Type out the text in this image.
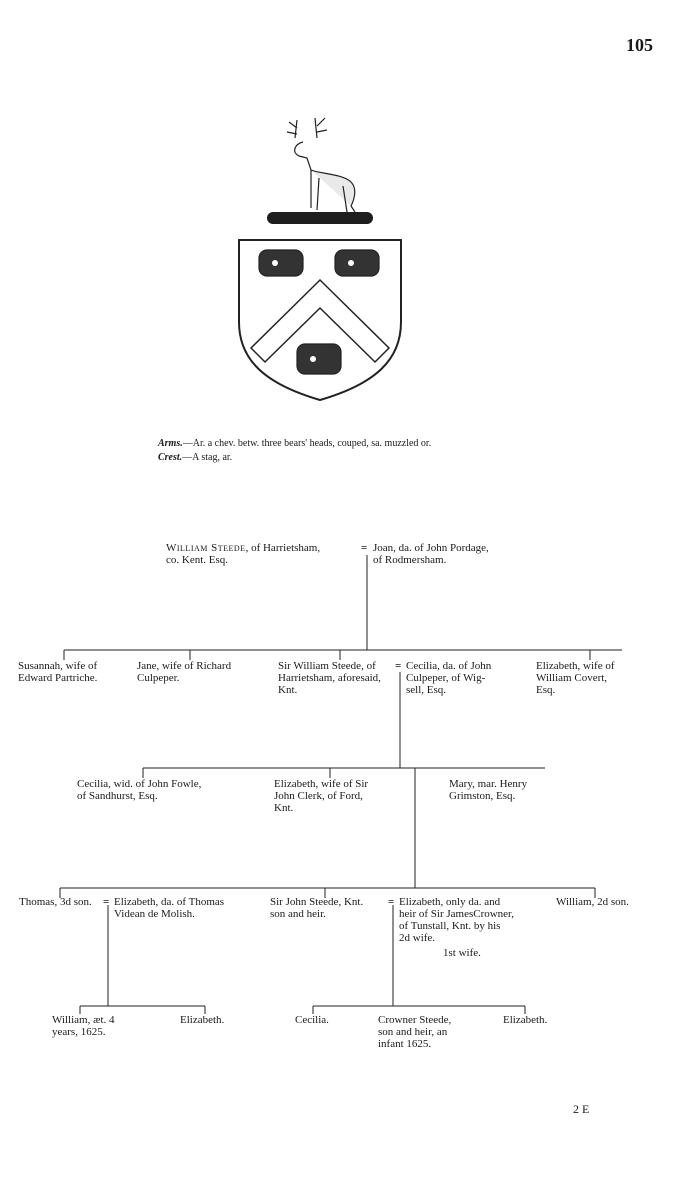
105
Arms.—Ar. a chev. betw. three bears' heads, couped, sa. muzzled or.
Crest.—A stag, ar.
William Steede, of Harrietsham,
co. Kent. Esq.
= Joan, da. of John Pordage,
of Rodmersham.
Susannah, wife of
Edward Partriche.
Jane, wife of Richard
Culpeper.
Sir William Steede, of
Harrietsham, aforesaid,
Knt.
= Cecilia, da. of John
Culpeper, of Wig-
sell, Esq.
Elizabeth, wife of
William Covert,
Esq.
Cecilia, wid. of John Fowle,
of Sandhurst, Esq.
Elizabeth, wife of Sir
John Clerk, of Ford,
Knt.
Mary, mar. Henry
Grimston, Esq.
Thomas, 3d son. = Elizabeth, da. of Thomas
Videan de Molish.
Sir John Steede, Knt.
son and heir.
= Elizabeth, only da. and
heir of Sir JamesCrowner,
of Tunstall, Knt. by his
2d wife.
1st wife.
William, 2d son.
William, æt. 4
years, 1625.
Elizabeth.	Cecilia.	Crowner Steede,
son and heir, an
infant 1625.
Elizabeth.
2 E
